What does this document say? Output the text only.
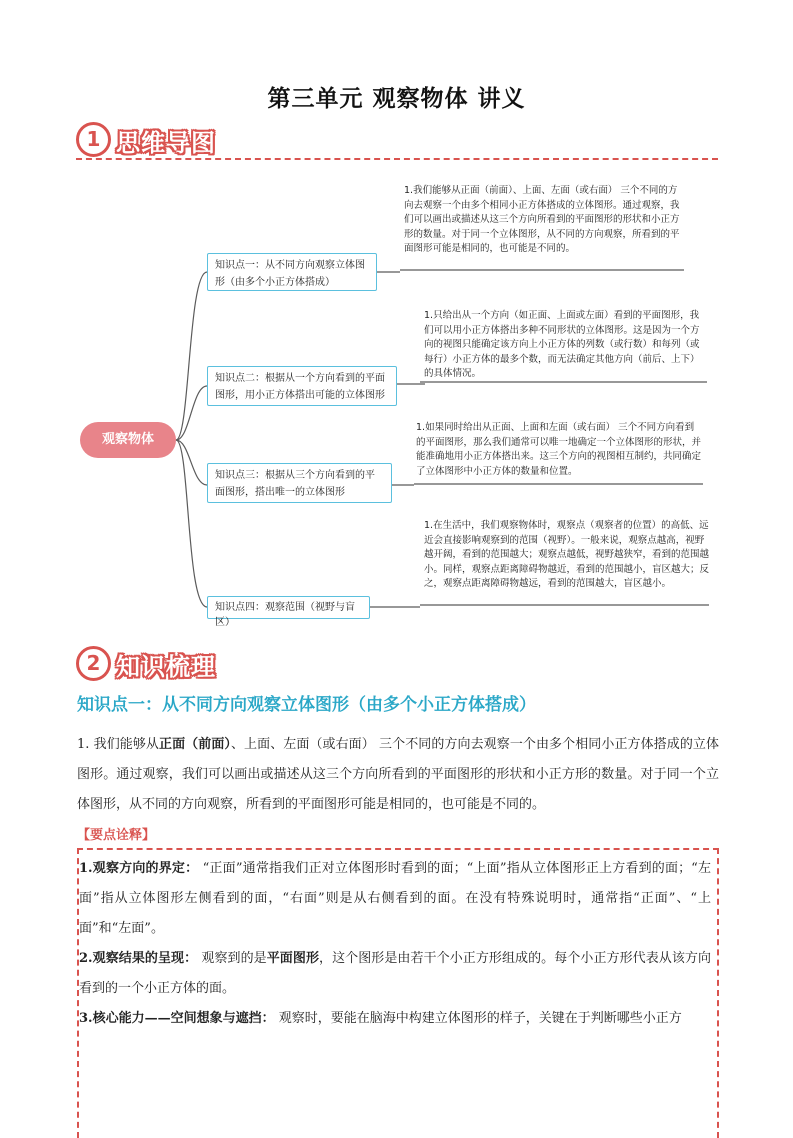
第三单元 观察物体 讲义
1 思维导图
观察物体
知识点一：从不同方向观察立体图形（由多个小正方体搭成）
知识点二：根据从一个方向看到的平面图形，用小正方体搭出可能的立体图形
知识点三：根据从三个方向看到的平面图形，搭出唯一的立体图形
知识点四：观察范围（视野与盲区）
1.我们能够从正面（前面）、上面、左面（或右面） 三个不同的方向去观察一个由多个相同小正方体搭成的立体图形。通过观察，我们可以画出或描述从这三个方向所看到的平面图形的形状和小正方形的数量。对于同一个立体图形，从不同的方向观察，所看到的平面图形可能是相同的，也可能是不同的。
1.只给出从一个方向（如正面、上面或左面）看到的平面图形，我们可以用小正方体搭出多种不同形状的立体图形。这是因为一个方向的视图只能确定该方向上小正方体的列数（或行数）和每列（或每行）小正方体的最多个数，而无法确定其他方向（前后、上下）的具体情况。
1.如果同时给出从正面、上面和左面（或右面） 三个不同方向看到的平面图形，那么我们通常可以唯一地确定一个立体图形的形状，并能准确地用小正方体搭出来。这三个方向的视图相互制约，共同确定了立体图形中小正方体的数量和位置。
1.在生活中，我们观察物体时，观察点（观察者的位置）的高低、远近会直接影响观察到的范围（视野）。一般来说，观察点越高，视野越开阔，看到的范围越大；观察点越低，视野越狭窄，看到的范围越小。同样，观察点距离障碍物越近，看到的范围越小，盲区越大；反之，观察点距离障碍物越远，看到的范围越大，盲区越小。
2 知识梳理
知识点一：从不同方向观察立体图形（由多个小正方体搭成）
1. 我们能够从正面（前面）、上面、左面（或右面） 三个不同的方向去观察一个由多个相同小正方体搭成的立体图形。通过观察，我们可以画出或描述从这三个方向所看到的平面图形的形状和小正方形的数量。对于同一个立体图形，从不同的方向观察，所看到的平面图形可能是相同的，也可能是不同的。
【要点诠释】

1.观察方向的界定： “正面”通常指我们正对立体图形时看到的面；“上面”指从立体图形正上方看到的面；“左面”指从立体图形左侧看到的面，“右面”则是从右侧看到的面。在没有特殊说明时，通常指“正面”、“上面”和“左面”。

2.观察结果的呈现： 观察到的是平面图形，这个图形是由若干个小正方形组成的。每个小正方形代表从该方向看到的一个小正方体的面。

3.核心能力——空间想象与遮挡： 观察时，要能在脑海中构建立体图形的样子，关键在于判断哪些小正方
